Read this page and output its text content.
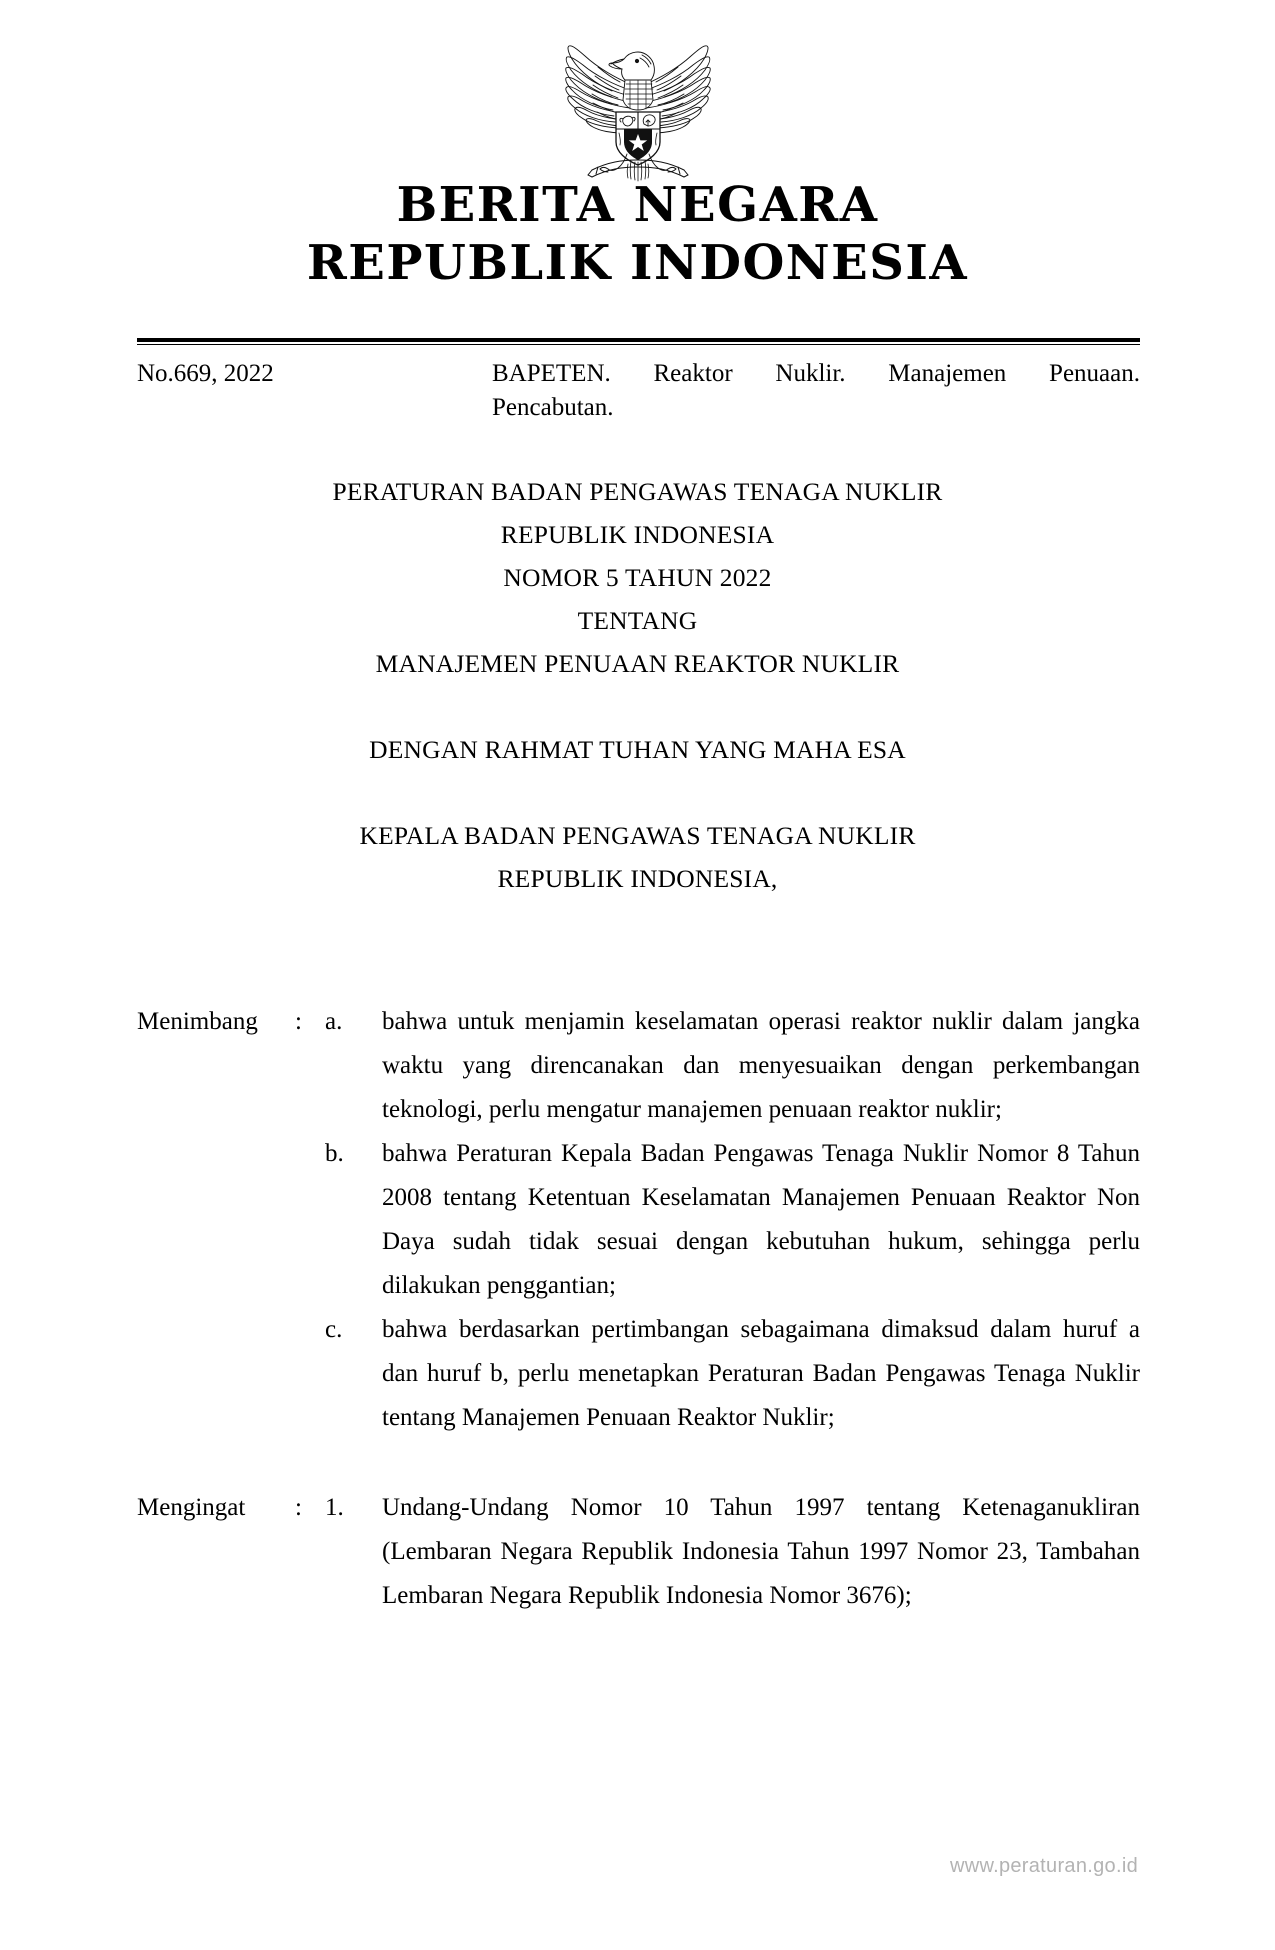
BERITA NEGARA
REPUBLIK INDONESIA
No.669, 2022	BAPETEN. Reaktor Nuklir. Manajemen Penuaan.
Pencabutan.
PERATURAN BADAN PENGAWAS TENAGA NUKLIR
REPUBLIK INDONESIA
NOMOR 5 TAHUN 2022
TENTANG
MANAJEMEN PENUAAN REAKTOR NUKLIR
DENGAN RAHMAT TUHAN YANG MAHA ESA
KEPALA BADAN PENGAWAS TENAGA NUKLIR
REPUBLIK INDONESIA,
Menimbang	: a.	bahwa untuk menjamin keselamatan operasi reaktor nuklir dalam jangka waktu yang direncanakan dan menyesuaikan dengan perkembangan teknologi, perlu mengatur manajemen penuaan reaktor nuklir;
b.	bahwa Peraturan Kepala Badan Pengawas Tenaga Nuklir Nomor 8 Tahun 2008 tentang Ketentuan Keselamatan Manajemen Penuaan Reaktor Non Daya sudah tidak sesuai dengan kebutuhan hukum, sehingga perlu dilakukan penggantian;
c.	bahwa berdasarkan pertimbangan sebagaimana dimaksud dalam huruf a dan huruf b, perlu menetapkan Peraturan Badan Pengawas Tenaga Nuklir tentang Manajemen Penuaan Reaktor Nuklir;
Mengingat	: 1.	Undang-Undang Nomor 10 Tahun 1997 tentang Ketenaganukliran (Lembaran Negara Republik Indonesia Tahun 1997 Nomor 23, Tambahan Lembaran Negara Republik Indonesia Nomor 3676);
www.peraturan.go.id
